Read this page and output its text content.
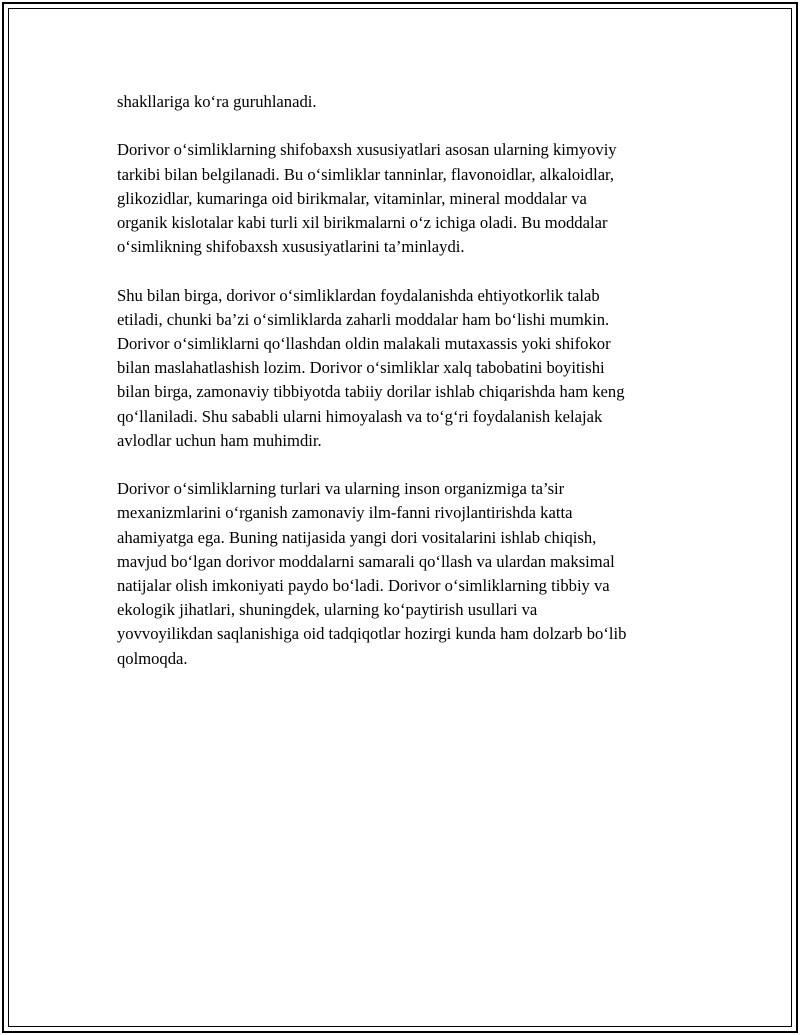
shakllariga ko‘ra guruhlanadi.

Dorivor o‘simliklarning shifobaxsh xususiyatlari asosan ularning kimyoviy
tarkibi bilan belgilanadi. Bu o‘simliklar tanninlar, flavonoidlar, alkaloidlar,
glikozidlar, kumaringa oid birikmalar, vitaminlar, mineral moddalar va
organik kislotalar kabi turli xil birikmalarni o‘z ichiga oladi. Bu moddalar
o‘simlikning shifobaxsh xususiyatlarini ta’minlaydi.

Shu bilan birga, dorivor o‘simliklardan foydalanishda ehtiyotkorlik talab
etiladi, chunki ba’zi o‘simliklarda zaharli moddalar ham bo‘lishi mumkin.
Dorivor o‘simliklarni qo‘llashdan oldin malakali mutaxassis yoki shifokor
bilan maslahatlashish lozim. Dorivor o‘simliklar xalq tabobatini boyitishi
bilan birga, zamonaviy tibbiyotda tabiiy dorilar ishlab chiqarishda ham keng
qo‘llaniladi. Shu sababli ularni himoyalash va to‘g‘ri foydalanish kelajak
avlodlar uchun ham muhimdir.

Dorivor o‘simliklarning turlari va ularning inson organizmiga ta’sir
mexanizmlarini o‘rganish zamonaviy ilm-fanni rivojlantirishda katta
ahamiyatga ega. Buning natijasida yangi dori vositalarini ishlab chiqish,
mavjud bo‘lgan dorivor moddalarni samarali qo‘llash va ulardan maksimal
natijalar olish imkoniyati paydo bo‘ladi. Dorivor o‘simliklarning tibbiy va
ekologik jihatlari, shuningdek, ularning ko‘paytirish usullari va
yovvoyilikdan saqlanishiga oid tadqiqotlar hozirgi kunda ham dolzarb bo‘lib
qolmoqda.
